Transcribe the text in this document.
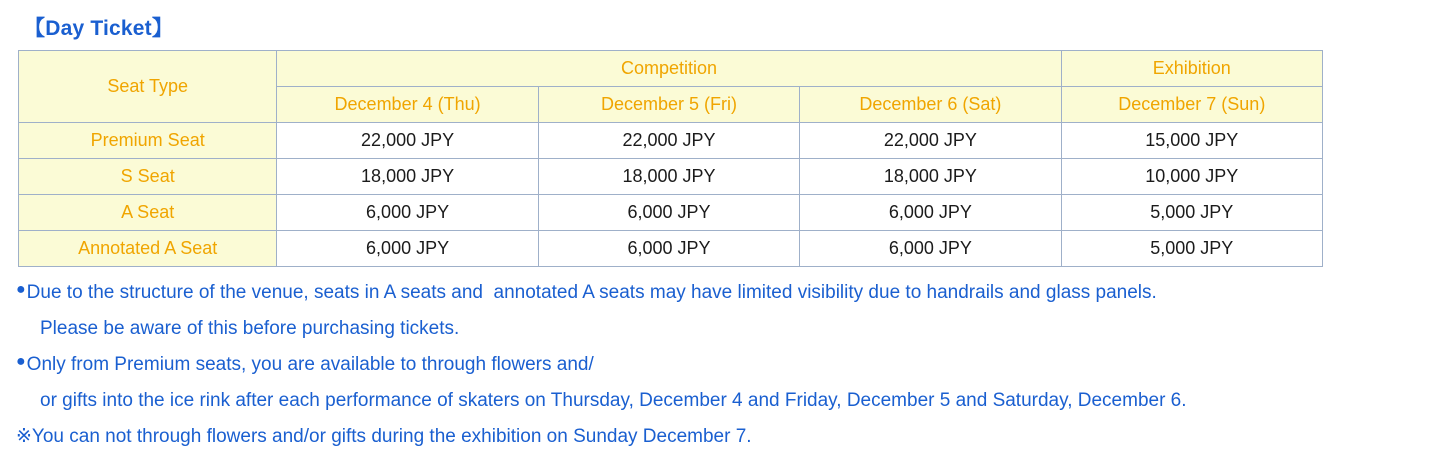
【Day Ticket】
Seat Type	Competition			Exhibition
	December 4 (Thu)	December 5 (Fri)	December 6 (Sat)	December 7 (Sun)
Premium Seat	22,000 JPY	22,000 JPY	22,000 JPY	15,000 JPY
S Seat	18,000 JPY	18,000 JPY	18,000 JPY	10,000 JPY
A Seat	6,000 JPY	6,000 JPY	6,000 JPY	5,000 JPY
Annotated A Seat	6,000 JPY	6,000 JPY	6,000 JPY	5,000 JPY
● Due to the structure of the venue, seats in A seats and  annotated A seats may have limited visibility due to handrails and glass panels.
Please be aware of this before purchasing tickets.
● Only from Premium seats, you are available to through flowers and/
or gifts into the ice rink after each performance of skaters on Thursday, December 4 and Friday, December 5 and Saturday, December 6.
※ You can not through flowers and/or gifts during the exhibition on Sunday December 7.
